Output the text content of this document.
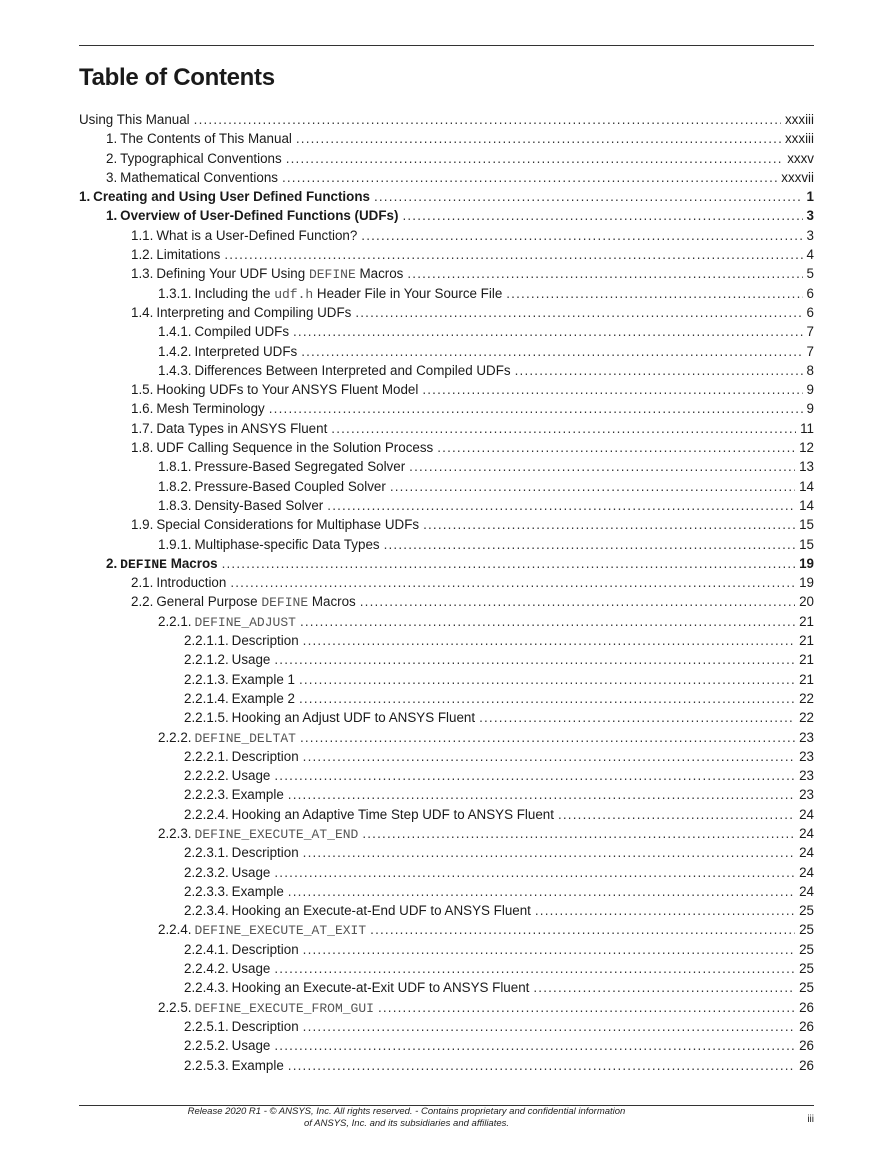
Table of Contents
Using This Manual .....	xxxiii
1. The Contents of This Manual .....	xxxiii
2. Typographical Conventions .....	xxxv
3. Mathematical Conventions .....	xxxvii
1. Creating and Using User Defined Functions .....	1
1. Overview of User-Defined Functions (UDFs) .....	3
1.1. What is a User-Defined Function? .....	3
1.2. Limitations .....	4
1.3. Defining Your UDF Using DEFINE Macros .....	5
1.3.1. Including the udf.h Header File in Your Source File .....	6
1.4. Interpreting and Compiling UDFs .....	6
1.4.1. Compiled UDFs .....	7
1.4.2. Interpreted UDFs .....	7
1.4.3. Differences Between Interpreted and Compiled UDFs .....	8
1.5. Hooking UDFs to Your ANSYS Fluent Model .....	9
1.6. Mesh Terminology .....	9
1.7. Data Types in ANSYS Fluent .....	11
1.8. UDF Calling Sequence in the Solution Process .....	12
1.8.1. Pressure-Based Segregated Solver .....	13
1.8.2. Pressure-Based Coupled Solver .....	14
1.8.3. Density-Based Solver .....	14
1.9. Special Considerations for Multiphase UDFs .....	15
1.9.1. Multiphase-specific Data Types .....	15
2. DEFINE Macros .....	19
2.1. Introduction .....	19
2.2. General Purpose DEFINE Macros .....	20
2.2.1. DEFINE_ADJUST .....	21
2.2.1.1. Description .....	21
2.2.1.2. Usage .....	21
2.2.1.3. Example 1 .....	21
2.2.1.4. Example 2 .....	22
2.2.1.5. Hooking an Adjust UDF to ANSYS Fluent .....	22
2.2.2. DEFINE_DELTAT .....	23
2.2.2.1. Description .....	23
2.2.2.2. Usage .....	23
2.2.2.3. Example .....	23
2.2.2.4. Hooking an Adaptive Time Step UDF to ANSYS Fluent .....	24
2.2.3. DEFINE_EXECUTE_AT_END .....	24
2.2.3.1. Description .....	24
2.2.3.2. Usage .....	24
2.2.3.3. Example .....	24
2.2.3.4. Hooking an Execute-at-End UDF to ANSYS Fluent .....	25
2.2.4. DEFINE_EXECUTE_AT_EXIT .....	25
2.2.4.1. Description .....	25
2.2.4.2. Usage .....	25
2.2.4.3. Hooking an Execute-at-Exit UDF to ANSYS Fluent .....	25
2.2.5. DEFINE_EXECUTE_FROM_GUI .....	26
2.2.5.1. Description .....	26
2.2.5.2. Usage .....	26
2.2.5.3. Example .....	26
Release 2020 R1 - © ANSYS, Inc. All rights reserved. - Contains proprietary and confidential information
of ANSYS, Inc. and its subsidiaries and affiliates.	iii
